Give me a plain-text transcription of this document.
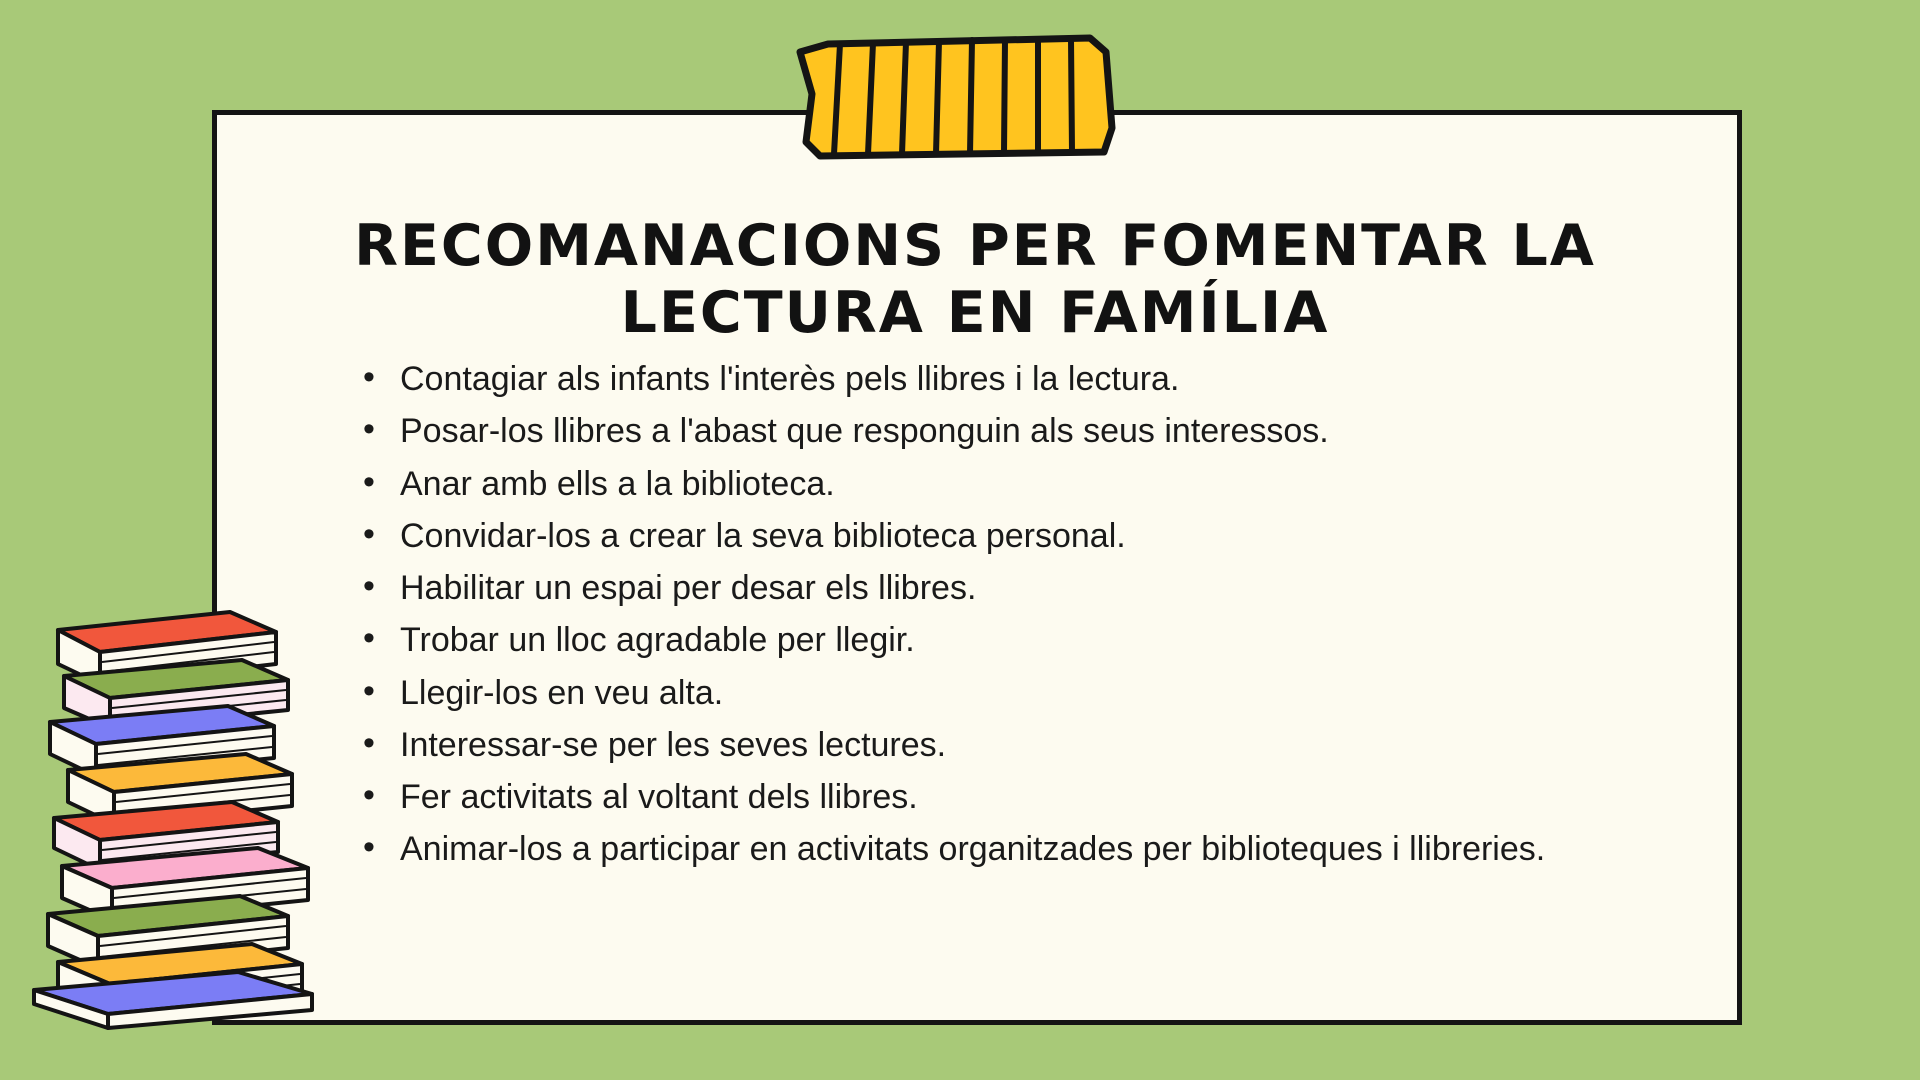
RECOMANACIONS PER FOMENTAR LA LECTURA EN FAMÍLIA
• Contagiar als infants l'interès pels llibres i la lectura.
• Posar-los llibres a l'abast que responguin als seus interessos.
• Anar amb ells a la biblioteca.
• Convidar-los a crear la seva biblioteca personal.
• Habilitar un espai per desar els llibres.
• Trobar un lloc agradable per llegir.
• Llegir-los en veu alta.
• Interessar-se per les seves lectures.
• Fer activitats al voltant dels llibres.
• Animar-los a participar en activitats organitzades per biblioteques i llibreries.
